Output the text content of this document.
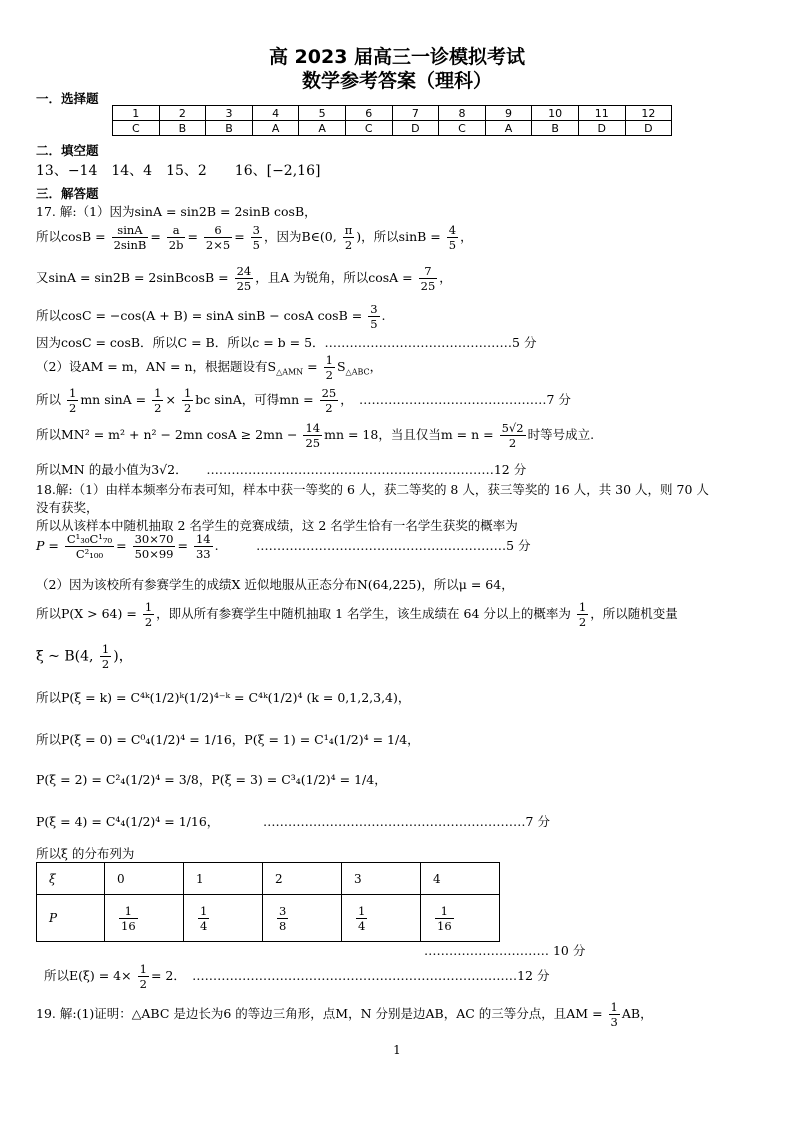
高 2023 届高三一诊模拟考试
数学参考答案（理科）
一．选择题
1	2	3	4	5	6	7	8	9	10	11	12
C	B	B	A	A	C	D	C	A	B	D	D
二．填空题
13、−14　14、4　15、2　　16、[−2,16]
三．解答题
17. 解:（1）因为sinA = sin2B = 2sinB cosB，
所以$\cos B = \frac{\sin A}{2\sin B} = \frac{a}{2b} = \frac{6}{2\times 5} = \frac{3}{5}$ ，因为B∈(0, $\frac{\pi}{2}$ )，所以$\sin B = \frac{4}{5}$ ，
又sinA = sin2B = 2sinBcosB = $\frac{24}{25}$ ，且A 为锐角，所以$\cos A = \frac{7}{25}$ ，
所以cosC = −cos(A + B) = sinA sinB − cosA $\cos B = \frac{3}{5}$ .
因为cosC = cosB．所以C = B．所以c = b = 5．………………………………………5 分
（2）设AM = m，AN = n，根据题设有$S_{\triangle AMN} = \frac{1}{2} S_{\triangle ABC}$，
所以 $\frac{1}{2}$ mn $\sin A = \frac{1}{2} \times \frac{1}{2}$ bc sinA，可得mn = $\frac{25}{2}$ ，　………………………………………7 分
所以MN² = m² + n² − 2mn $\cos A \ge 2mn - \frac{14}{25}$ mn = 18，当且仅当$m = n = \frac{5√2}{2}$ 时等号成立.
所以MN 的最小值为3√2．　　……………………………………………………………12 分
18.解:（1）由样本频率分布表可知，样本中获一等奖的 6 人，获二等奖的 8 人，获三等奖的 16 人，共 30 人，则 70 人
没有获奖，
所以从该样本中随机抽取 2 名学生的竞赛成绩，这 2 名学生恰有一名学生获奖的概率为
$P = \frac{\text{C¹₃₀C¹₇₀}}{\text{C²₁₀₀}} = \frac{30\times 70}{50\times 99} = \frac{14}{33}$ .　　　……………………………………………………5 分
（2）因为该校所有参赛学生的成绩X 近似地服从正态分布N(64,225)，所以μ = 64，
所以$P(X > 64) = \frac{1}{2}$ ，即从所有参赛学生中随机抽取 1 名学生，该生成绩在 64 分以上的概率为 $\frac{1}{2}$ ，所以随机变量
ξ ~ B(4, $\frac{1}{2}$ )，
所以P(ξ = k) = C⁴ᵏ(1/2)ᵏ(1/2)⁴⁻ᵏ = C⁴ᵏ(1/2)⁴ (k = 0,1,2,3,4)，
所以P(ξ = 0) = C⁰₄(1/2)⁴ = 1/16，P(ξ = 1) = C¹₄(1/2)⁴ = 1/4，
P(ξ = 2) = C²₄(1/2)⁴ = 3/8，P(ξ = 3) = C³₄(1/2)⁴ = 1/4，
P(ξ = 4) = C⁴₄(1/2)⁴ = 1/16，　　　　………………………………………………………7 分
所以ξ 的分布列为
ξ	0	1	2	3	4
P	$\frac{1}{16}$	$\frac{1}{4}$	$\frac{3}{8}$	$\frac{1}{4}$	$\frac{1}{16}$
………………………… 10 分
所以$E(\xi) = 4\times \frac{1}{2} = 2$．　……………………………………………………………………12 分
19. 解:(1)证明：△ABC 是边长为6 的等边三角形，点M，N 分别是边AB，AC 的三等分点，且AM = $\frac{1}{3}$ AB，
1
